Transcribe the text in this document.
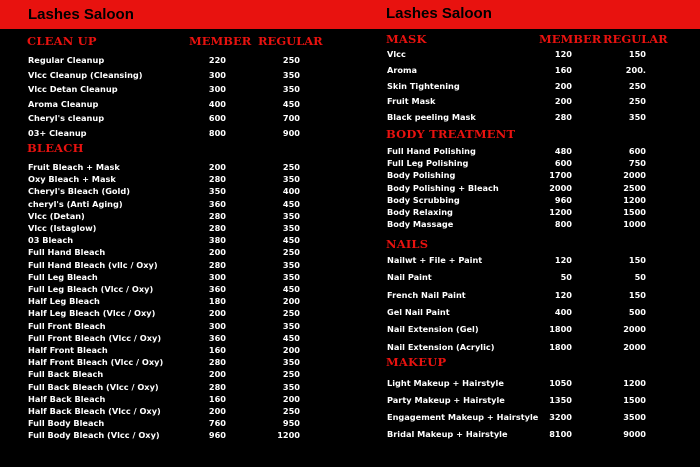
Lashes Saloon
MEMBER REGULAR
CLEAN UP
Regular Cleanup	220	250
Vlcc Cleanup (Cleansing)	300	350
Vlcc Detan Cleanup	300	350
Aroma Cleanup	400	450
Cheryl's cleanup	600	700
03+ Cleanup	800	900
BLEACH
Fruit Bleach + Mask	200	250
Oxy Bleach + Mask	280	350
Cheryl's Bleach (Gold)	350	400
cheryl's (Anti Aging)	360	450
Vlcc (Detan)	280	350
Vlcc (Istaglow)	280	350
03 Bleach	380	450
Full Hand Bleach	200	250
Full Hand Bleach (vllc / Oxy)	280	350
Full Leg Bleach	300	350
Full Leg Bleach (Vlcc / Oxy)	360	450
Half Leg Bleach	180	200
Half Leg Bleach (Vlcc / Oxy)	200	250
Full Front Bleach	300	350
Full Front Bleach (Vlcc / Oxy)	360	450
Half Front Bleach	160	200
Half Front Bleach (Vlcc / Oxy)	280	350
Full Back Bleach	200	250
Full Back Bleach (Vlcc / Oxy)	280	350
Half Back Bleach	160	200
Half Back Bleach (Vlcc / Oxy)	200	250
Full Body Bleach	760	950
Full Body Bleach (Vlcc / Oxy)	960	1200
Lashes Saloon
MEMBER REGULAR
MASK
Vlcc	120	150
Aroma	160	200.
Skin Tightening	200	250
Fruit Mask	200	250
Black peeling Mask	280	350
BODY TREATMENT
Full Hand Polishing	480	600
Full Leg Polishing	600	750
Body Polishing	1700	2000
Body Polishing + Bleach	2000	2500
Body Scrubbing	960	1200
Body Relaxing	1200	1500
Body Massage	800	1000
NAILS
Nailwt + File + Paint	120	150
Nail Paint	50	50
French Nail Paint	120	150
Gel Nail Paint	400	500
Nail Extension (Gel)	1800	2000
Nail Extension (Acrylic)	1800	2000
MAKEUP
Light Makeup + Hairstyle	1050	1200
Party Makeup + Hairstyle	1350	1500
Engagement Makeup + Hairstyle 3200	3500
Bridal Makeup + Hairstyle	8100	9000
